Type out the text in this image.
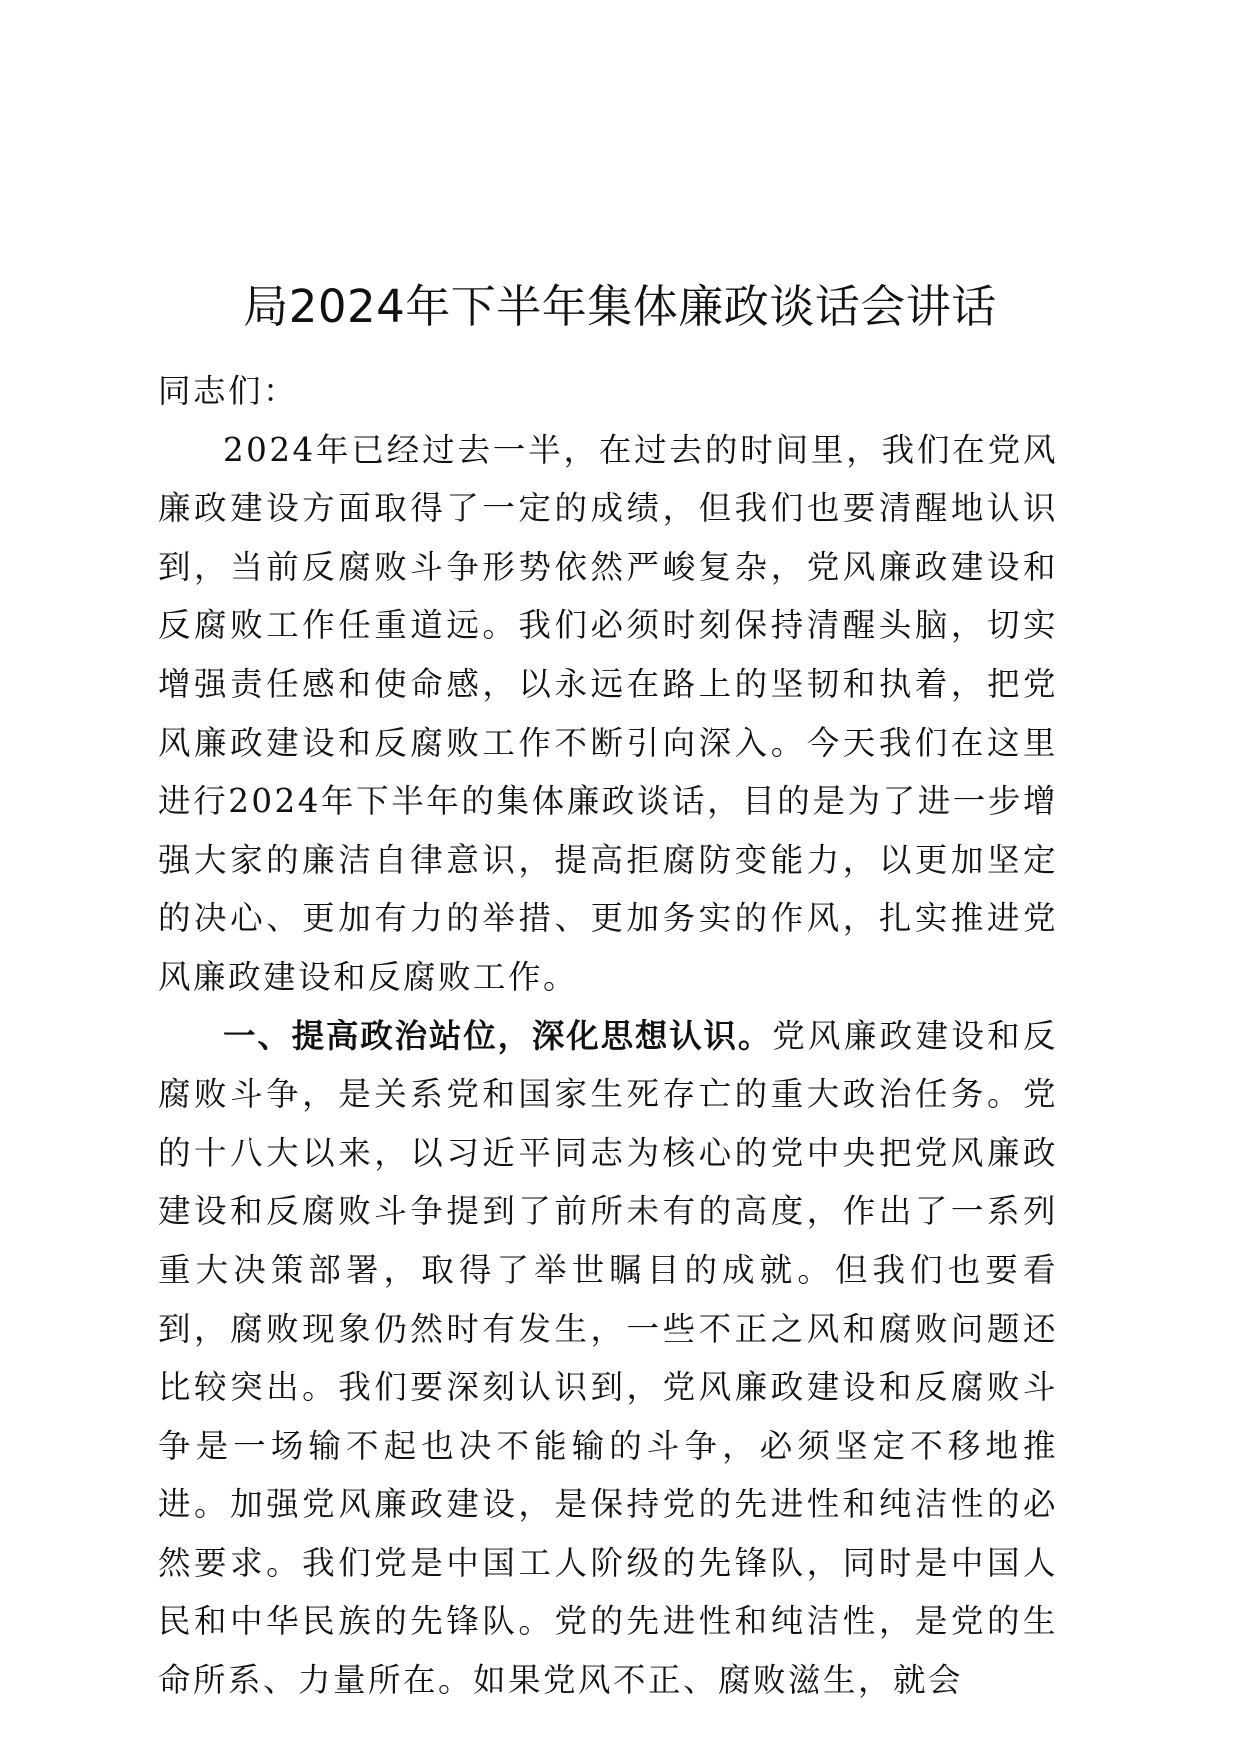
局2024年下半年集体廉政谈话会讲话

同志们：

2024年已经过去一半，在过去的时间里，我们在党风廉政建设方面取得了一定的成绩，但我们也要清醒地认识到，当前反腐败斗争形势依然严峻复杂，党风廉政建设和反腐败工作任重道远。我们必须时刻保持清醒头脑，切实增强责任感和使命感，以永远在路上的坚韧和执着，把党风廉政建设和反腐败工作不断引向深入。今天我们在这里进行2024年下半年的集体廉政谈话，目的是为了进一步增强大家的廉洁自律意识，提高拒腐防变能力，以更加坚定的决心、更加有力的举措、更加务实的作风，扎实推进党风廉政建设和反腐败工作。

一、提高政治站位，深化思想认识。党风廉政建设和反腐败斗争，是关系党和国家生死存亡的重大政治任务。党的十八大以来，以习近平同志为核心的党中央把党风廉政建设和反腐败斗争提到了前所未有的高度，作出了一系列重大决策部署，取得了举世瞩目的成就。但我们也要看到，腐败现象仍然时有发生，一些不正之风和腐败问题还比较突出。我们要深刻认识到，党风廉政建设和反腐败斗争是一场输不起也决不能输的斗争，必须坚定不移地推进。加强党风廉政建设，是保持党的先进性和纯洁性的必然要求。我们党是中国工人阶级的先锋队，同时是中国人民和中华民族的先锋队。党的先进性和纯洁性，是党的生命所系、力量所在。如果党风不正、腐败滋生，就会
